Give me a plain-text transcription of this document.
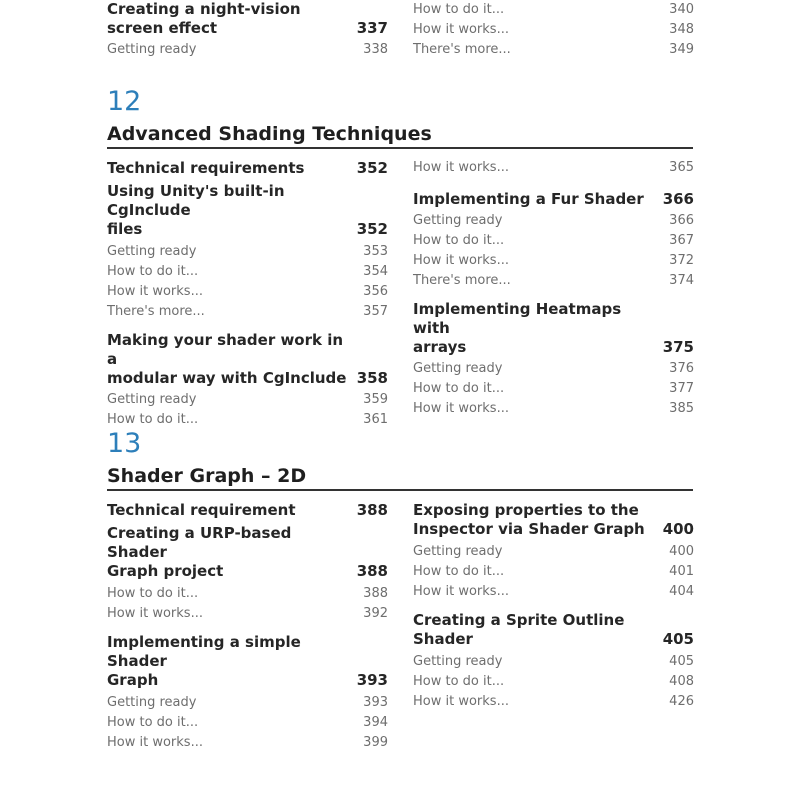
Creating a night-vision
screen effect	337
Getting ready	338
How to do it...	340
How it works...	348
There's more...	349
12
Advanced Shading Techniques
Technical requirements	352
Using Unity's built-in CgInclude
files	352
Getting ready	353
How to do it...	354
How it works...	356
There's more...	357
Making your shader work in a
modular way with CgInclude 358
Getting ready	359
How to do it...	361
How it works...	365
Implementing a Fur Shader 366
Getting ready	366
How to do it...	367
How it works...	372
There's more...	374
Implementing Heatmaps with
arrays	375
Getting ready	376
How to do it...	377
How it works...	385
13
Shader Graph – 2D
Technical requirement	388
Creating a URP-based Shader
Graph project	388
How to do it...	388
How it works...	392
Implementing a simple Shader
Graph	393
Getting ready	393
How to do it...	394
How it works...	399
Exposing properties to the
Inspector via Shader Graph	400
Getting ready	400
How to do it...	401
How it works...	404
Creating a Sprite Outline
Shader	405
Getting ready	405
How to do it...	408
How it works...	426
